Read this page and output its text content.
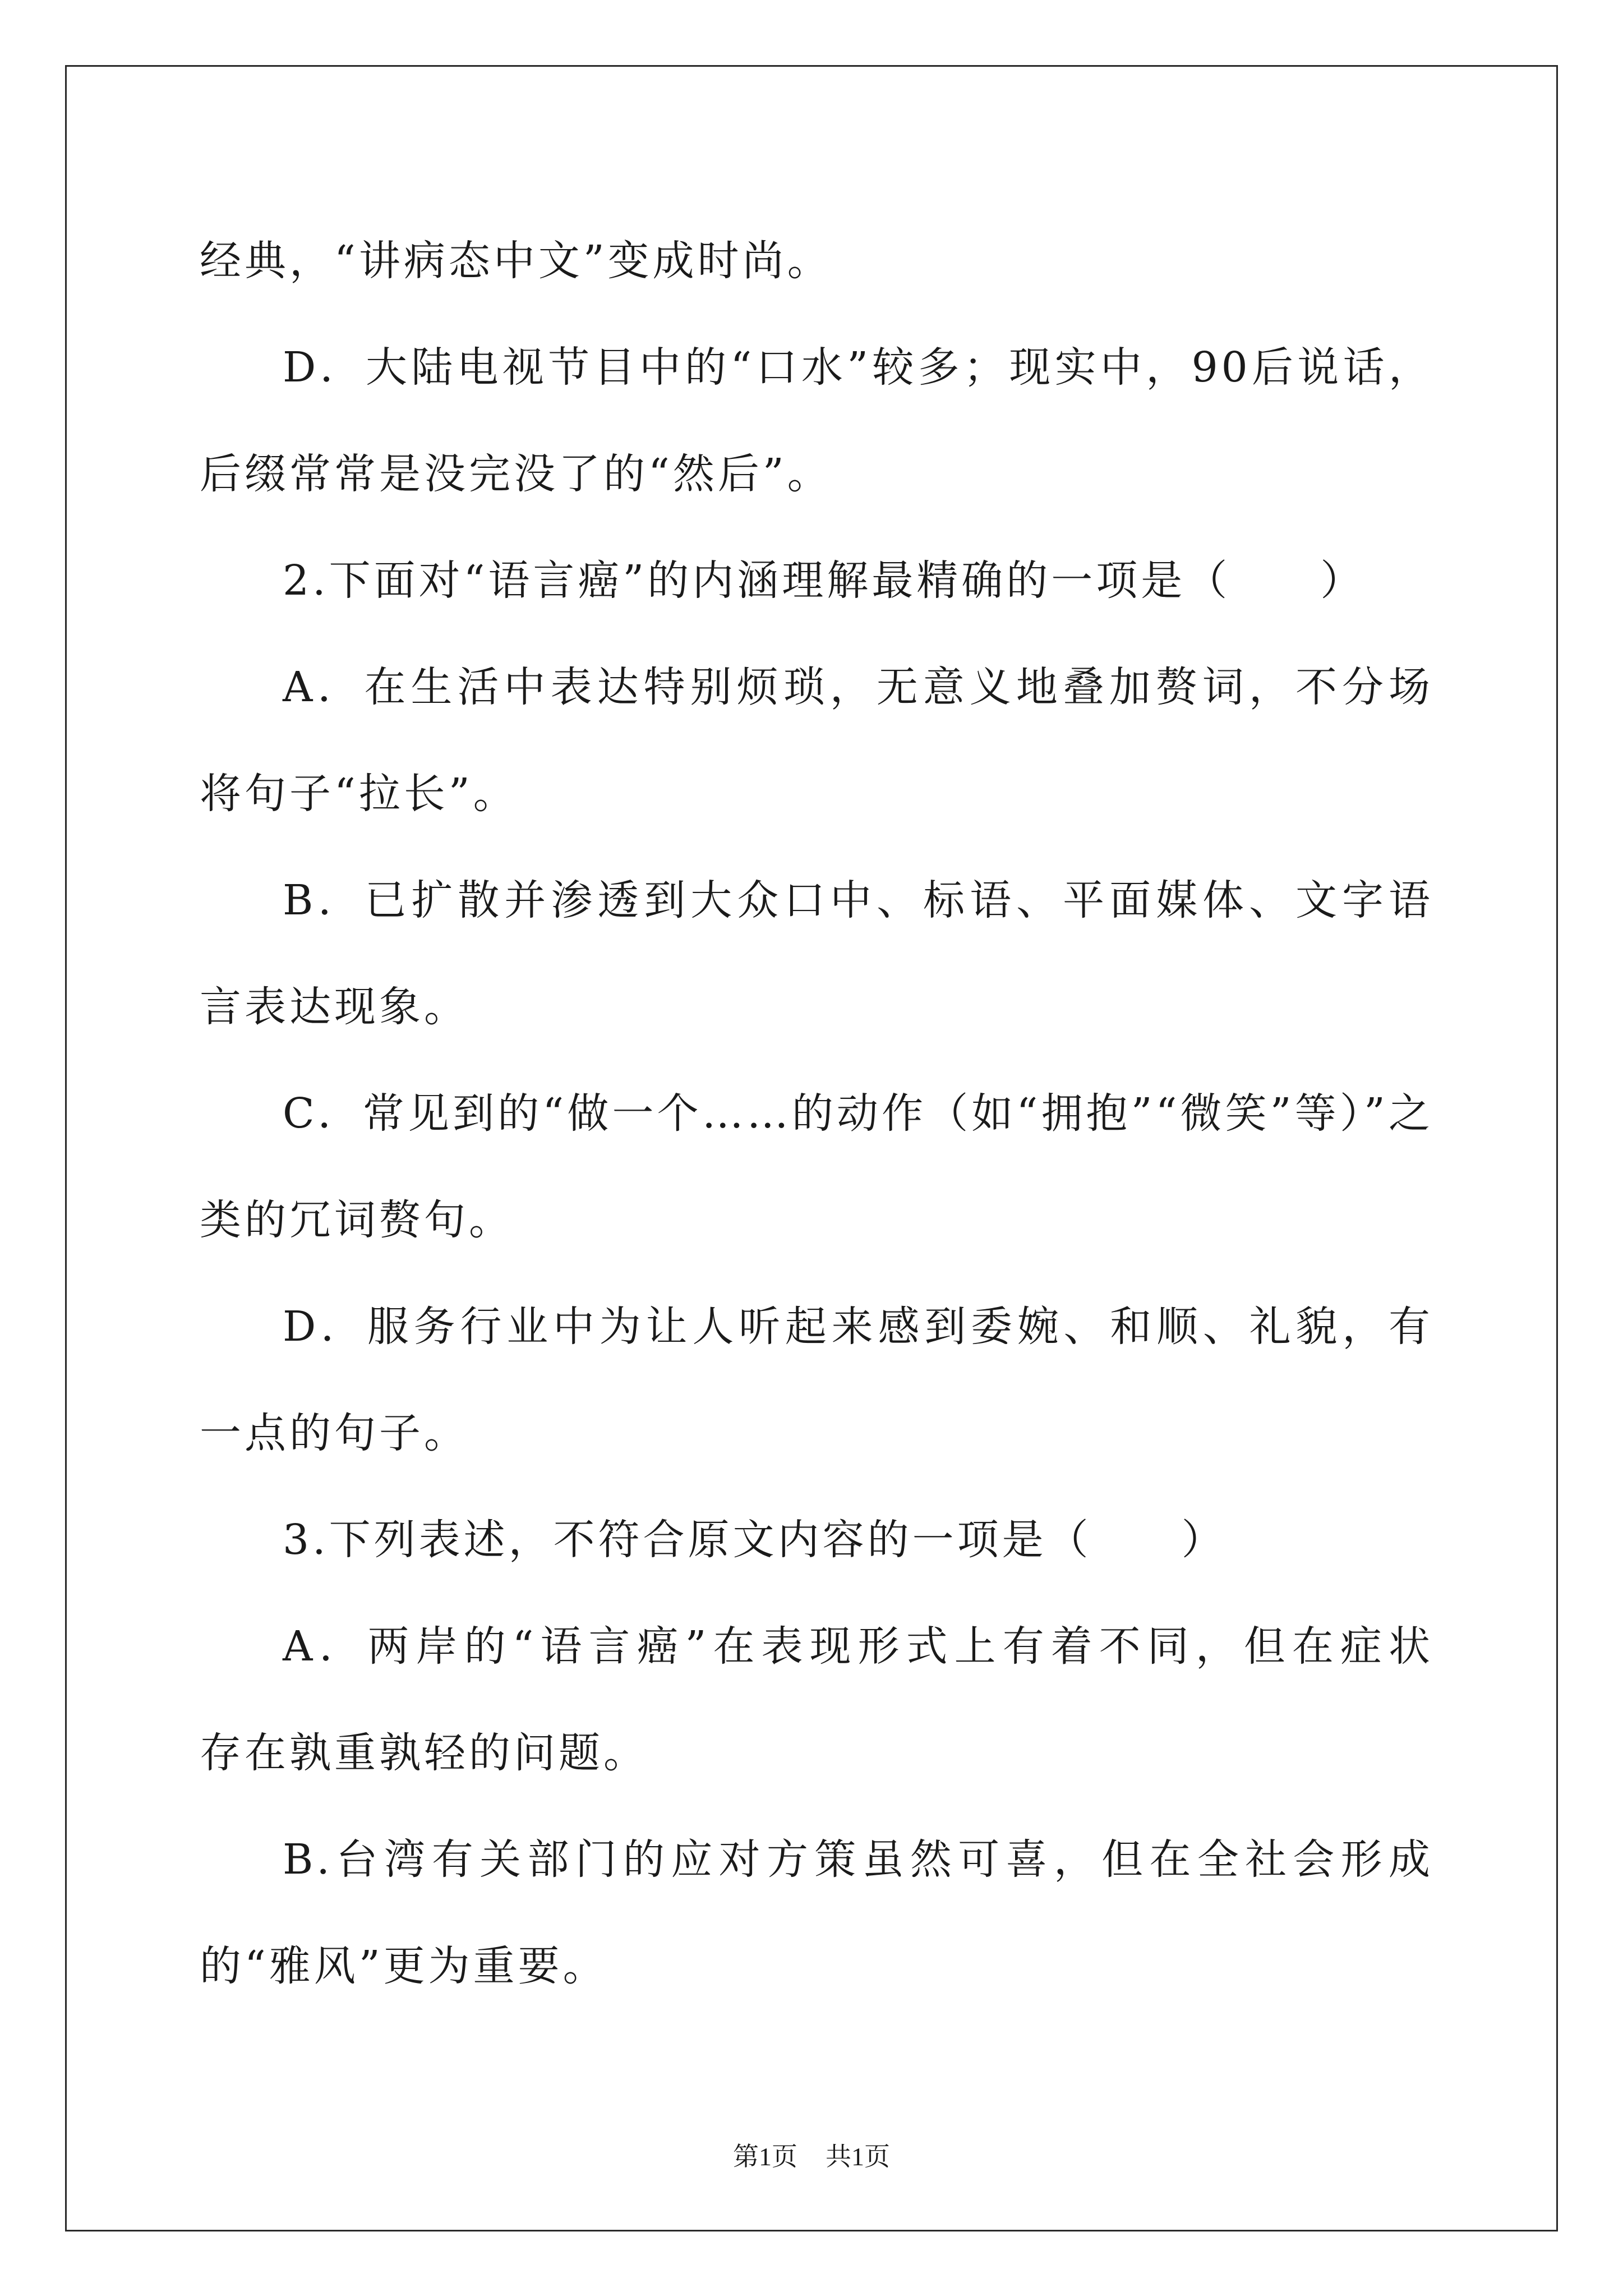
经典，“讲病态中文”变成时尚。
D．大陆电视节目中的“口水”较多；现实中，90后说话，
后缀常常是没完没了的“然后”。
2.下面对“语言癌”的内涵理解最精确的一项是（　　）
A．在生活中表达特别烦琐，无意义地叠加赘词，不分场
将句子“拉长”。
B．已扩散并渗透到大众口中、标语、平面媒体、文字语
言表达现象。
C．常见到的“做一个……的动作（如“拥抱”“微笑”等）”之
类的冗词赘句。
D．服务行业中为让人听起来感到委婉、和顺、礼貌，有
一点的句子。
3.下列表述，不符合原文内容的一项是（　　）
A．两岸的“语言癌”在表现形式上有着不同，但在症状
存在孰重孰轻的问题。
B.台湾有关部门的应对方策虽然可喜，但在全社会形成
的“雅风”更为重要。
第1页 共1页
